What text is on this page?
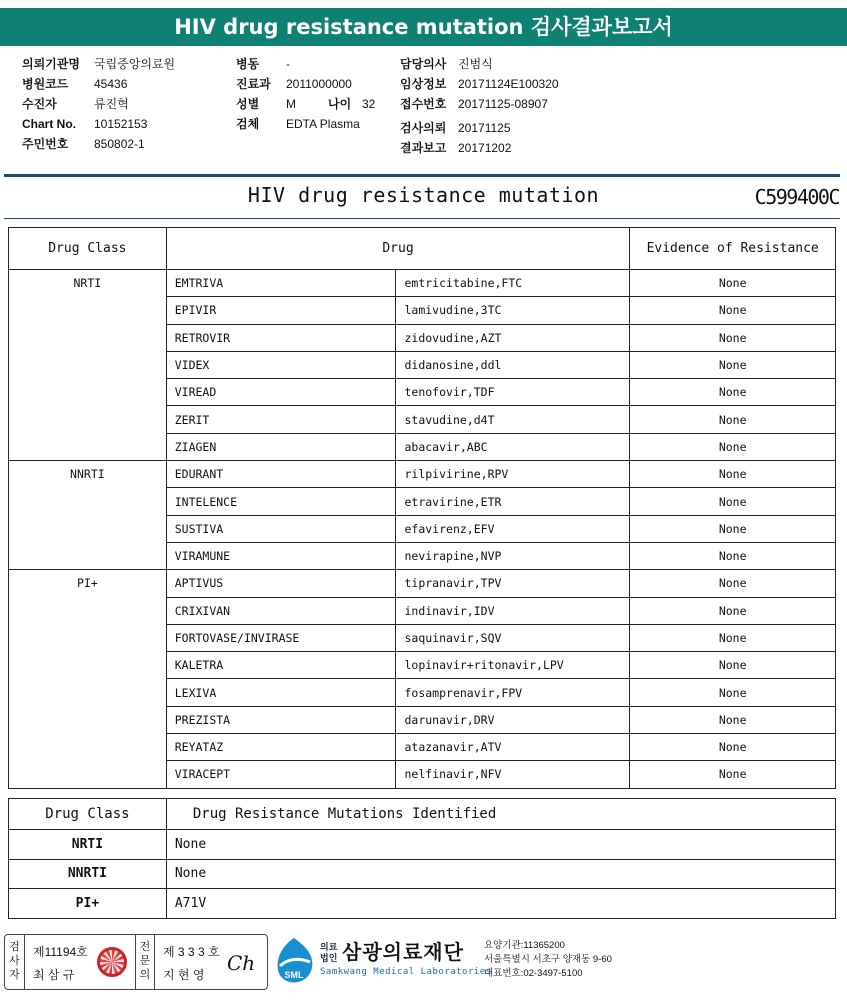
HIV drug resistance mutation 검사결과보고서
의뢰기관명 국립중앙의료원
병원코드 45436
수진자	류진혁
Chart No. 10152153
주민번호 850802-1
병동 -
진료과 2011000000
성별 M	나이 32
검체 EDTA Plasma
담당의사 진범식
임상정보 20171124E100320
접수번호 20171125-08907
검사의뢰 20171125
결과보고 20171202
HIV drug resistance mutation	C599400C
Drug Class	Drug		Evidence of Resistance
NRTI	EMTRIVA	emtricitabine,FTC	None
	EPIVIR	lamivudine,3TC	None
	RETROVIR	zidovudine,AZT	None
	VIDEX	didanosine,ddl	None
	VIREAD	tenofovir,TDF	None
	ZERIT	stavudine,d4T	None
	ZIAGEN	abacavir,ABC	None
NNRTI	EDURANT	rilpivirine,RPV	None
	INTELENCE	etravirine,ETR	None
	SUSTIVA	efavirenz,EFV	None
	VIRAMUNE	nevirapine,NVP	None
PI+	APTIVUS	tipranavir,TPV	None
	CRIXIVAN	indinavir,IDV	None
	FORTOVASE/INVIRASE	saquinavir,SQV	None
	KALETRA	lopinavir+ritonavir,LPV	None
	LEXIVA	fosamprenavir,FPV	None
	PREZISTA	darunavir,DRV	None
	REYATAZ	atazanavir,ATV	None
	VIRACEPT	nelfinavir,NFV	None
Drug Class	Drug Resistance Mutations Identified
NRTI	None
NNRTI	None
PI+	A71V
검사자
제11194호
최 삼 규
전문의
제 3 3 3 호
지 현 영 Ch	SML
의료
법인 삼광의료재단
Samkwang Medical Laboratories
요양기관:11365200
서울특별시 서초구 양재동 9-60
대표번호:02-3497-5100
